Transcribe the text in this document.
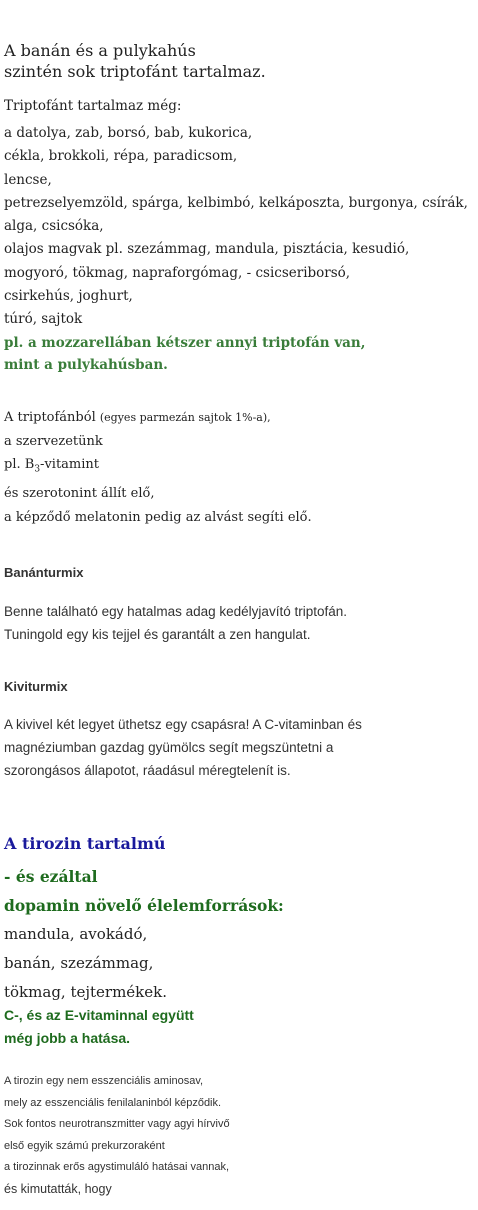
A banán és a pulykahús
szintén sok triptofánt tartalmaz.
Triptofánt tartalmaz még:
a datolya, zab, borsó, bab, kukorica,
cékla, brokkoli, répa, paradicsom,
lencse,
petrezselyemzöld, spárga, kelbimbó, kelkáposzta, burgonya, csírák,
alga, csicsóka,
olajos magvak pl. szezámmag, mandula, pisztácia, kesudió,
mogyoró, tökmag, napraforgómag, - csicseriborsó,
csirkehús, joghurt,
túró, sajtok
pl. a mozzarellában kétszer annyi triptofán van,
mint a pulykahúsban.
A triptofánból (egyes parmezán sajtok 1%-a),
a szervezetünk
pl. $B_3$-vitamint
és szerotonint állít elő,
a képződő melatonin pedig az alvást segíti elő.
Banánturmix
Benne található egy hatalmas adag kedélyjavító triptofán.
Tuningold egy kis tejjel és garantált a zen hangulat.
Kiviturmix
A kivivel két legyet üthetsz egy csapásra! A C-vitaminban és
magnéziumban gazdag gyümölcs segít megszüntetni a
szorongásos állapotot, ráadásul méregtelenít is.
A tirozin tartalmú
- és ezáltal
dopamin növelő élelemforrások:
mandula, avokádó,
banán, szezámmag,
tökmag, tejtermékek.
C-, és az E-vitaminnal együtt
még jobb a hatása.
A tirozin egy nem esszenciális aminosav,
mely az esszenciális fenilalaninból képződik.
Sok fontos neurotranszmitter vagy agyi hírvivő
első egyik számú prekurzoraként
a tirozinnak erős agystimuláló hatásai vannak,
és kimutatták, hogy
